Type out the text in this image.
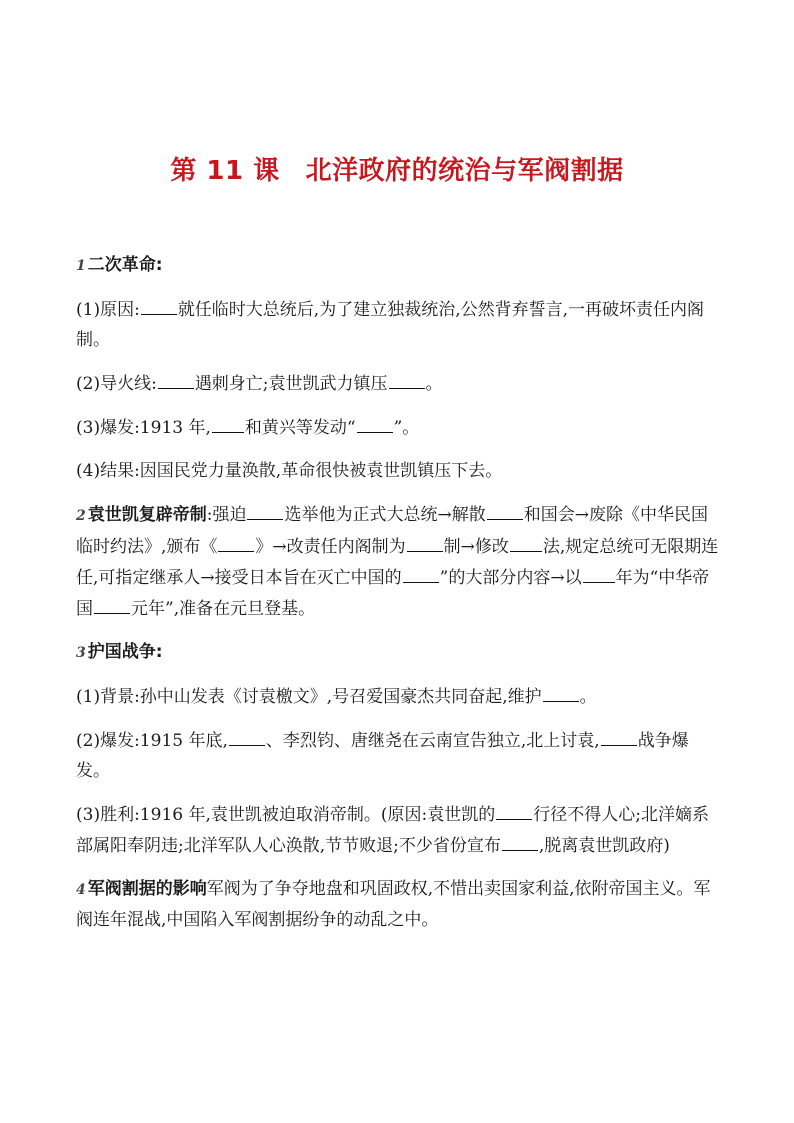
第 11 课 北洋政府的统治与军阀割据

1 二次革命:

(1)原因: 就任临时大总统后,为了建立独裁统治,公然背弃誓言,一再破坏责任内阁制。

(2)导火线: 遇刺身亡;袁世凯武力镇压 。

(3)爆发:1913 年, 和黄兴等发动“ ”。

(4)结果:因国民党力量涣散,革命很快被袁世凯镇压下去。

2 袁世凯复辟帝制:强迫 选举他为正式大总统→解散 和国会→废除《中华民国临时约法》,颁布《 》→改责任内阁制为 制→修改 法,规定总统可无限期连任,可指定继承人→接受日本旨在灭亡中国的 ”的大部分内容→以 年为“中华帝国 元年”,准备在元旦登基。

3 护国战争:

(1)背景:孙中山发表《讨袁檄文》,号召爱国豪杰共同奋起,维护 。

(2)爆发:1915 年底, 、李烈钧、唐继尧在云南宣告独立,北上讨袁, 战争爆发。

(3)胜利:1916 年,袁世凯被迫取消帝制。(原因:袁世凯的 行径不得人心;北洋嫡系部属阳奉阴违;北洋军队人心涣散,节节败退;不少省份宣布 ,脱离袁世凯政府)

4 军阀割据的影响军阀为了争夺地盘和巩固政权,不惜出卖国家利益,依附帝国主义。军阀连年混战,中国陷入军阀割据纷争的动乱之中。
